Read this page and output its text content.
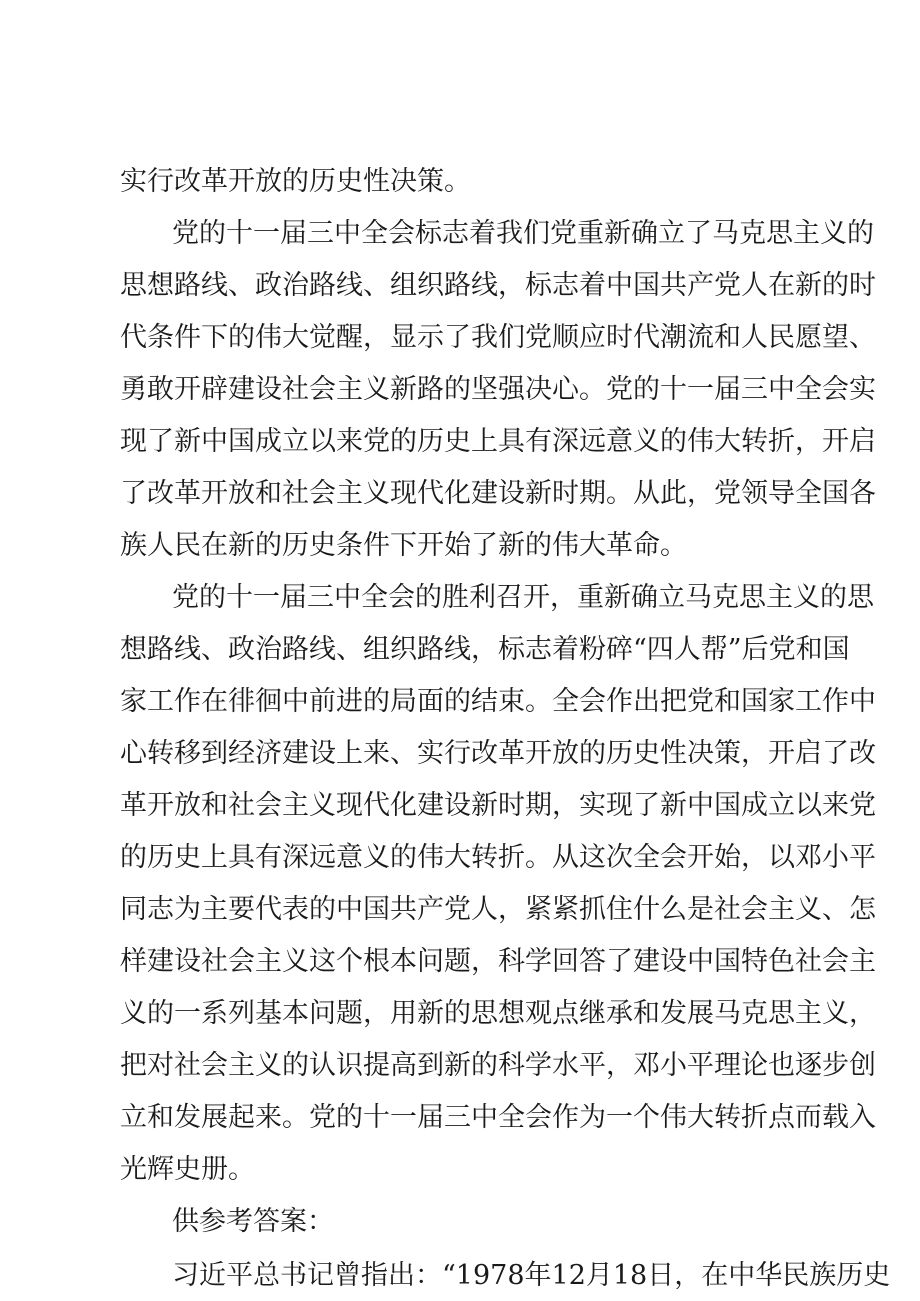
实行改革开放的历史性决策。
党的十一届三中全会标志着我们党重新确立了马克思主义的
思想路线、政治路线、组织路线，标志着中国共产党人在新的时
代条件下的伟大觉醒，显示了我们党顺应时代潮流和人民愿望、
勇敢开辟建设社会主义新路的坚强决心。党的十一届三中全会实
现了新中国成立以来党的历史上具有深远意义的伟大转折，开启
了改革开放和社会主义现代化建设新时期。从此，党领导全国各
族人民在新的历史条件下开始了新的伟大革命。
党的十一届三中全会的胜利召开，重新确立马克思主义的思
想路线、政治路线、组织路线，标志着粉碎“四人帮”后党和国
家工作在徘徊中前进的局面的结束。全会作出把党和国家工作中
心转移到经济建设上来、实行改革开放的历史性决策，开启了改
革开放和社会主义现代化建设新时期，实现了新中国成立以来党
的历史上具有深远意义的伟大转折。从这次全会开始，以邓小平
同志为主要代表的中国共产党人，紧紧抓住什么是社会主义、怎
样建设社会主义这个根本问题，科学回答了建设中国特色社会主
义的一系列基本问题，用新的思想观点继承和发展马克思主义，
把对社会主义的认识提高到新的科学水平，邓小平理论也逐步创
立和发展起来。党的十一届三中全会作为一个伟大转折点而载入
光辉史册。
供参考答案：
习近平总书记曾指出：“1978年12月18日，在中华民族历史
